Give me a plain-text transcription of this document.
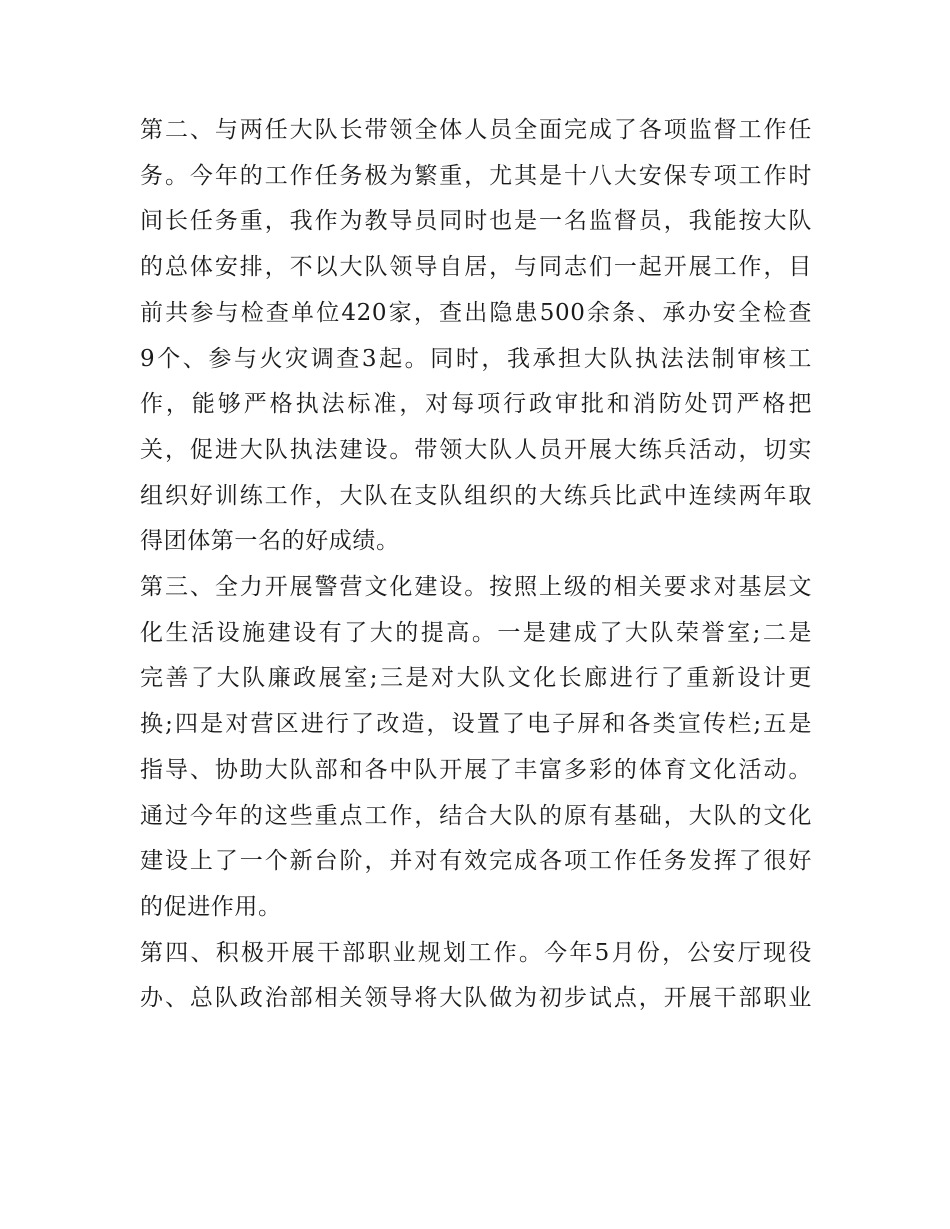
第二、与两任大队长带领全体人员全面完成了各项监督工作任
务。今年的工作任务极为繁重，尤其是十八大安保专项工作时
间长任务重，我作为教导员同时也是一名监督员，我能按大队
的总体安排，不以大队领导自居，与同志们一起开展工作，目
前共参与检查单位420家，查出隐患500余条、承办安全检查
9个、参与火灾调查3起。同时，我承担大队执法法制审核工
作，能够严格执法标准，对每项行政审批和消防处罚严格把
关，促进大队执法建设。带领大队人员开展大练兵活动，切实
组织好训练工作，大队在支队组织的大练兵比武中连续两年取
得团体第一名的好成绩。
第三、全力开展警营文化建设。按照上级的相关要求对基层文
化生活设施建设有了大的提高。一是建成了大队荣誉室;二是
完善了大队廉政展室;三是对大队文化长廊进行了重新设计更
换;四是对营区进行了改造，设置了电子屏和各类宣传栏;五是
指导、协助大队部和各中队开展了丰富多彩的体育文化活动。
通过今年的这些重点工作，结合大队的原有基础，大队的文化
建设上了一个新台阶，并对有效完成各项工作任务发挥了很好
的促进作用。
第四、积极开展干部职业规划工作。今年5月份，公安厅现役
办、总队政治部相关领导将大队做为初步试点，开展干部职业
